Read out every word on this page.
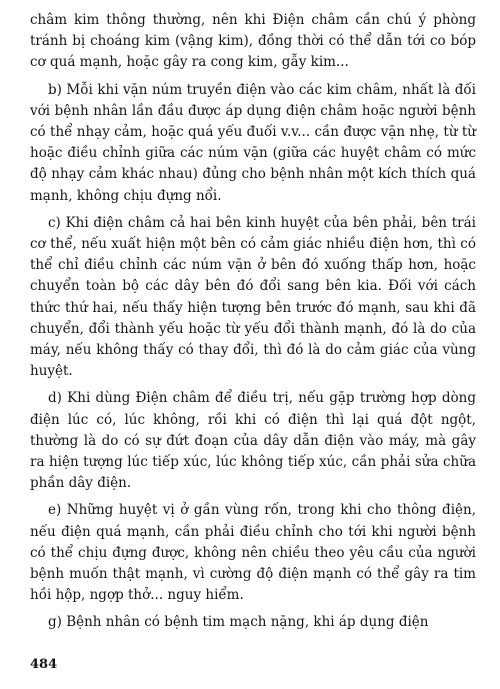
châm kim thông thường, nên khi Điện châm cần chú ý phòng tránh bị choáng kim (vậng kim), đồng thời có thể dẫn tới co bóp cơ quá mạnh, hoặc gây ra cong kim, gẫy kim...

b) Mỗi khi vặn núm truyền điện vào các kim châm, nhất là đối với bệnh nhân lần đầu được áp dụng điện châm hoặc người bệnh có thể nhạy cảm, hoặc quá yếu đuối v.v... cần được vặn nhẹ, từ từ hoặc điều chỉnh giữa các núm vặn (giữa các huyệt châm có mức độ nhạy cảm khác nhau) đủng cho bệnh nhân một kích thích quá mạnh, không chịu đựng nổi.

c) Khi điện châm cả hai bên kinh huyệt của bên phải, bên trái cơ thể, nếu xuất hiện một bên có cảm giác nhiều điện hơn, thì có thể chỉ điều chỉnh các núm vặn ở bên đó xuống thấp hơn, hoặc chuyển toàn bộ các dây bên đó đổi sang bên kia. Đối với cách thức thứ hai, nếu thấy hiện tượng bên trước đó mạnh, sau khi đã chuyển, đổi thành yếu hoặc từ yếu đổi thành mạnh, đó là do của máy, nếu không thấy có thay đổi, thì đó là do cảm giác của vùng huyệt.

d) Khi dùng Điện châm để điều trị, nếu gặp trường hợp dòng điện lúc có, lúc không, rồi khi có điện thì lại quá đột ngột, thường là do có sự đứt đoạn của dây dẫn điện vào máy, mà gây ra hiện tượng lúc tiếp xúc, lúc không tiếp xúc, cần phải sửa chữa phần dây điện.

e) Những huyệt vị ở gần vùng rốn, trong khi cho thông điện, nếu điện quá mạnh, cần phải điều chỉnh cho tới khi người bệnh có thể chịu đựng được, không nên chiều theo yêu cầu của người bệnh muốn thật mạnh, vì cường độ điện mạnh có thể gây ra tim hồi hộp, ngợp thở... nguy hiểm.

g) Bệnh nhân có bệnh tim mạch nặng, khi áp dụng điện

484
